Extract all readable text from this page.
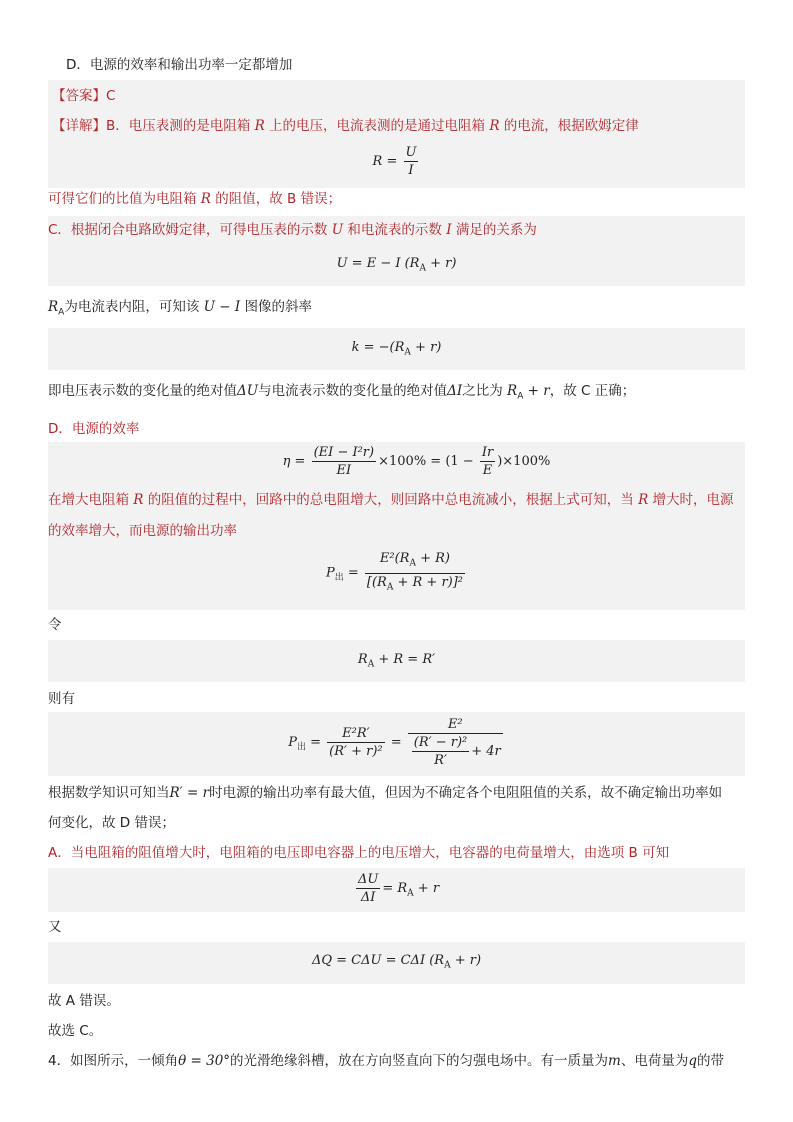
D．电源的效率和输出功率一定都增加
【答案】C
【详解】B．电压表测的是电阻箱 R 上的电压，电流表测的是通过电阻箱 R 的电流，根据欧姆定律
$R = \frac{U}{I}$
可得它们的比值为电阻箱 R 的阻值，故 B 错误；
C．根据闭合电路欧姆定律，可得电压表的示数 U 和电流表的示数 I 满足的关系为
U = E − I $(R_A + r)$
$R_A$为电流表内阻，可知该 U − I 图像的斜率
$k = -(R_A + r)$
即电压表示数的变化量的绝对值ΔU与电流表示数的变化量的绝对值ΔI之比为 $R_A + r$，故 C 正确；
D．电源的效率
$\eta = \frac{\text{(EI − I²r)}}{EI} \times 100\% = (1 - \frac{Ir}{E} )\times 100\%$
在增大电阻箱 R 的阻值的过程中，回路中的总电阻增大，则回路中总电流减小，根据上式可知，当 R 增大时，电源
的效率增大，而电源的输出功率
$P_出 = \frac{E^2(R_A + R)}{[(R_A + R + r)]^2}$
令
$R_A + R = R'$
则有
$P_出 = \frac{\text{E²R′}}{\text{(R′ + r)²}} = \frac{\text{E²}}{\frac{\text{(R′ − r)²}}{R'} + 4r}$
根据数学知识可知当R′ = r时电源的输出功率有最大值，但因为不确定各个电阻阻值的关系，故不确定输出功率如
何变化，故 D 错误；
A．当电阻箱的阻值增大时，电阻箱的电压即电容器上的电压增大，电容器的电荷量增大，由选项 B 可知
$\frac{\Delta U}{\Delta I} = R_A + r$
又
ΔQ = CΔU = CΔI $(R_A + r)$
故 A 错误。
故选 C。
4．如图所示，一倾角θ = 30°的光滑绝缘斜槽，放在方向竖直向下的匀强电场中。有一质量为m、电荷量为q的带
